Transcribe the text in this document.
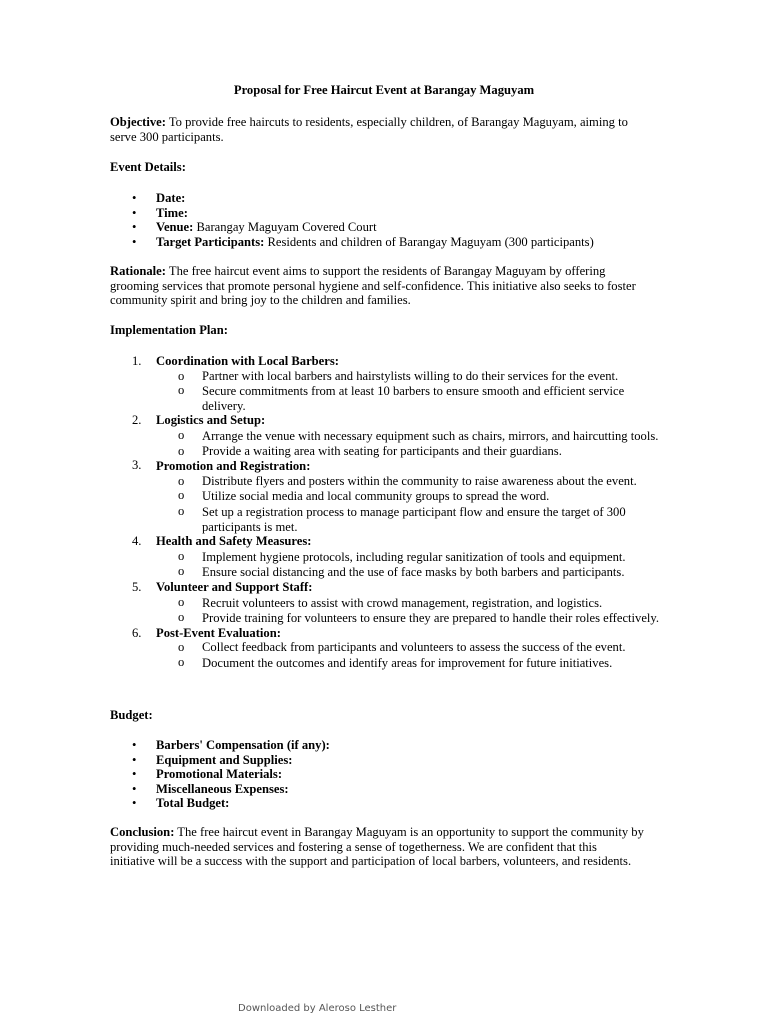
Proposal for Free Haircut Event at Barangay Maguyam
Objective: To provide free haircuts to residents, especially children, of Barangay Maguyam, aiming to
serve 300 participants.
Event Details:
• Date:
• Time:
• Venue: Barangay Maguyam Covered Court
• Target Participants: Residents and children of Barangay Maguyam (300 participants)
Rationale: The free haircut event aims to support the residents of Barangay Maguyam by offering
grooming services that promote personal hygiene and self-confidence. This initiative also seeks to foster
community spirit and bring joy to the children and families.
Implementation Plan:
1.	Coordination with Local Barbers:
o Partner with local barbers and hairstylists willing to do their services for the event.
o Secure commitments from at least 10 barbers to ensure smooth and efficient service delivery.
2.	Logistics and Setup:
o Arrange the venue with necessary equipment such as chairs, mirrors, and haircutting tools.
o Provide a waiting area with seating for participants and their guardians.
3.	Promotion and Registration:
o Distribute flyers and posters within the community to raise awareness about the event.
o Utilize social media and local community groups to spread the word.
o Set up a registration process to manage participant flow and ensure the target of 300 participants is met.
4.	Health and Safety Measures:
o Implement hygiene protocols, including regular sanitization of tools and equipment.
o Ensure social distancing and the use of face masks by both barbers and participants.
5.	Volunteer and Support Staff:
o Recruit volunteers to assist with crowd management, registration, and logistics.
o Provide training for volunteers to ensure they are prepared to handle their roles effectively.
6.	Post-Event Evaluation:
o Collect feedback from participants and volunteers to assess the success of the event.
o Document the outcomes and identify areas for improvement for future initiatives.
Budget:
• Barbers' Compensation (if any):
• Equipment and Supplies:
• Promotional Materials:
• Miscellaneous Expenses:
• Total Budget:
Conclusion: The free haircut event in Barangay Maguyam is an opportunity to support the community by
providing much-needed services and fostering a sense of togetherness. We are confident that this
initiative will be a success with the support and participation of local barbers, volunteers, and residents.
Downloaded by Aleroso Lesther
